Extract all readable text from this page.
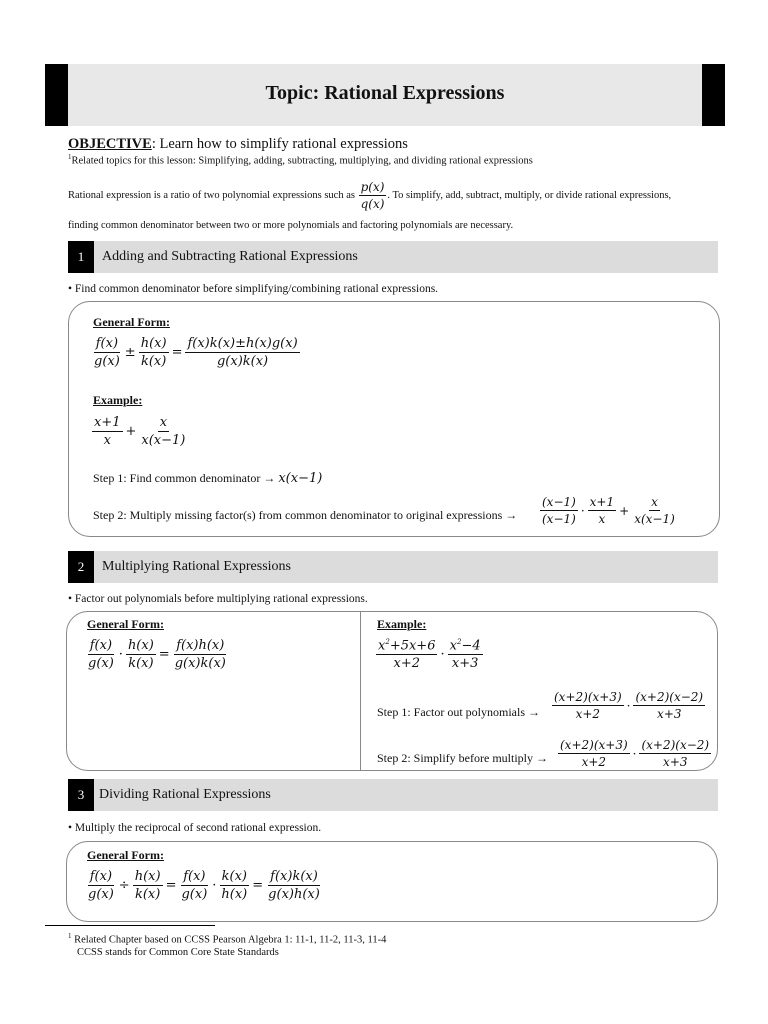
Topic: Rational Expressions
OBJECTIVE: Learn how to simplify rational expressions
$^1$Related topics for this lesson: Simplifying, adding, subtracting, multiplying, and dividing rational expressions
Rational expression is a ratio of two polynomial expressions such as $\frac{p(x)}{q(x)}$ . To simplify, add, subtract, multiply, or divide rational expressions,
finding common denominator between two or more polynomials and factoring polynomials are necessary.
1	Adding and Subtracting Rational Expressions
• Find common denominator before simplifying/combining rational expressions.
General Form:
$\frac{f(x)}{g(x)} \pm \frac{h(x)}{k(x)} = \frac{f(x)k(x)\pm h(x)g(x)}{g(x)k(x)}$
Example:
$\frac{x+1}{x} + \frac{x}{x(x-1)}$
Step 1: Find common denominator → x(x−1)
Step 2: Multiply missing factor(s) from common denominator to original expressions → $\frac{(x-1)}{(x-1)} \cdot \frac{x+1}{x} + \frac{x}{x(x-1)}$
2	Multiplying Rational Expressions
• Factor out polynomials before multiplying rational expressions.
General Form:
$\frac{f(x)}{g(x)} \cdot \frac{h(x)}{k(x)} = \frac{f(x)h(x)}{g(x)k(x)}$
Example:
$\frac{x^2+5x+6}{x+2} \cdot \frac{x^2-4}{x+3}$
Step 1: Factor out polynomials → $\frac{(x+2)(x+3)}{x+2} \cdot \frac{(x+2)(x-2)}{x+3}$
Step 2: Simplify before multiply → $\frac{(x+2)(x+3)}{x+2} \cdot \frac{(x+2)(x-2)}{x+3}$
3	Dividing Rational Expressions
• Multiply the reciprocal of second rational expression.
General Form:
$\frac{f(x)}{g(x)} \div \frac{h(x)}{k(x)} = \frac{f(x)}{g(x)} \cdot \frac{k(x)}{h(x)} = \frac{f(x)k(x)}{g(x)h(x)}$
$^1$ Related Chapter based on CCSS Pearson Algebra 1: 11-1, 11-2, 11-3, 11-4
CCSS stands for Common Core State Standards
